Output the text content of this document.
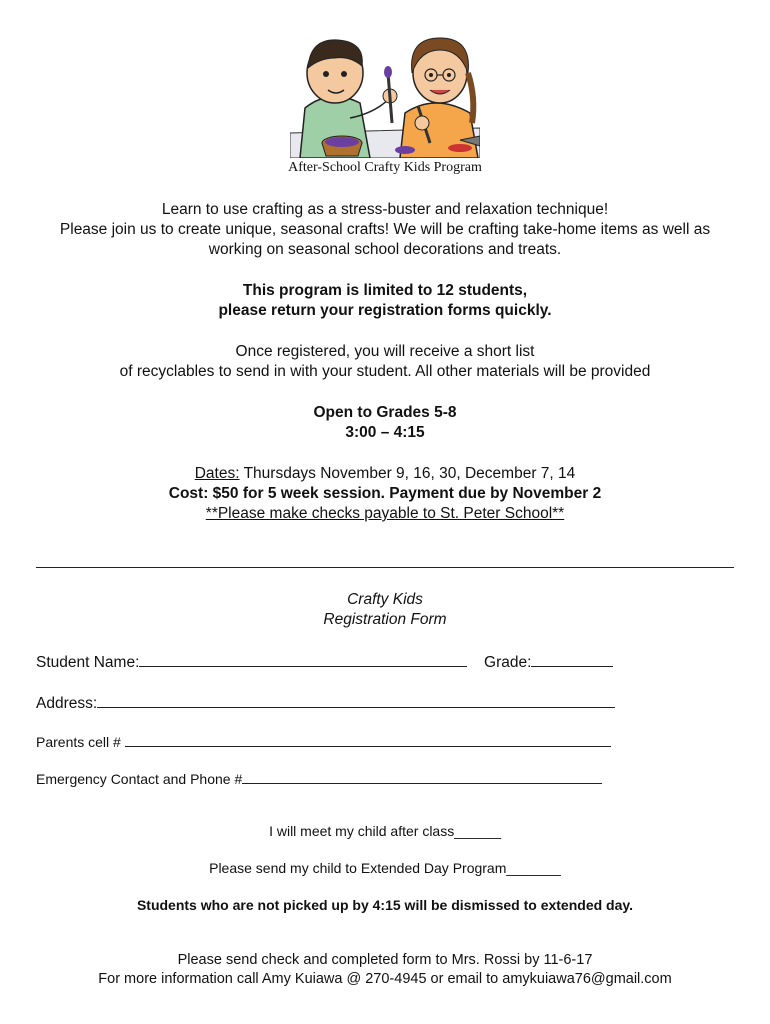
After-School Crafty Kids Program
Learn to use crafting as a stress-buster and relaxation technique!
Please join us to create unique, seasonal crafts! We will be crafting take-home items as well as
working on seasonal school decorations and treats.
This program is limited to 12 students,
please return your registration forms quickly.
Once registered, you will receive a short list
of recyclables to send in with your student. All other materials will be provided
Open to Grades 5-8
3:00 – 4:15
Dates: Thursdays November 9, 16, 30, December 7, 14
Cost: $50 for 5 week session. Payment due by November 2
**Please make checks payable to St. Peter School**
Crafty Kids
Registration Form
Student Name:	Grade:
Address:
Parents cell #
Emergency Contact and Phone #
I will meet my child after class______
Please send my child to Extended Day Program_______
Students who are not picked up by 4:15 will be dismissed to extended day.
Please send check and completed form to Mrs. Rossi by 11-6-17
For more information call Amy Kuiawa @ 270-4945 or email to amykuiawa76@gmail.com
